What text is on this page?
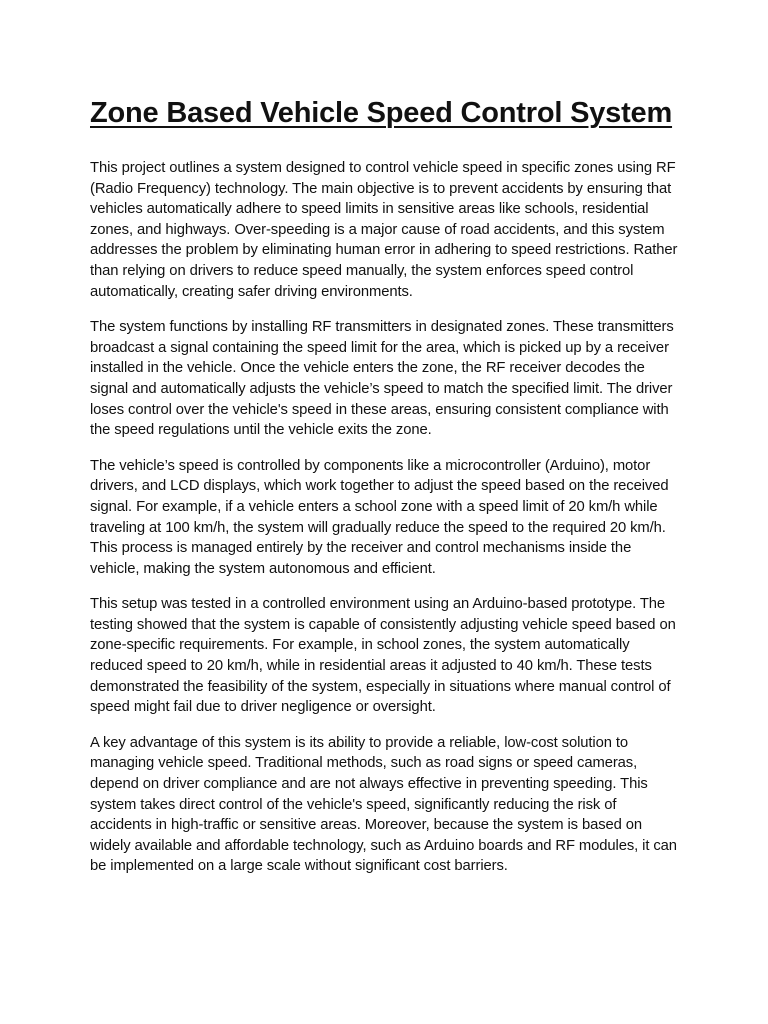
Zone Based Vehicle Speed Control System

This project outlines a system designed to control vehicle speed in specific zones using RF (Radio Frequency) technology. The main objective is to prevent accidents by ensuring that vehicles automatically adhere to speed limits in sensitive areas like schools, residential zones, and highways. Over-speeding is a major cause of road accidents, and this system addresses the problem by eliminating human error in adhering to speed restrictions. Rather than relying on drivers to reduce speed manually, the system enforces speed control automatically, creating safer driving environments.

The system functions by installing RF transmitters in designated zones. These transmitters broadcast a signal containing the speed limit for the area, which is picked up by a receiver installed in the vehicle. Once the vehicle enters the zone, the RF receiver decodes the signal and automatically adjusts the vehicle’s speed to match the specified limit. The driver loses control over the vehicle's speed in these areas, ensuring consistent compliance with the speed regulations until the vehicle exits the zone.

The vehicle’s speed is controlled by components like a microcontroller (Arduino), motor drivers, and LCD displays, which work together to adjust the speed based on the received signal. For example, if a vehicle enters a school zone with a speed limit of 20 km/h while traveling at 100 km/h, the system will gradually reduce the speed to the required 20 km/h. This process is managed entirely by the receiver and control mechanisms inside the vehicle, making the system autonomous and efficient.

This setup was tested in a controlled environment using an Arduino-based prototype. The testing showed that the system is capable of consistently adjusting vehicle speed based on zone-specific requirements. For example, in school zones, the system automatically reduced speed to 20 km/h, while in residential areas it adjusted to 40 km/h. These tests demonstrated the feasibility of the system, especially in situations where manual control of speed might fail due to driver negligence or oversight.

A key advantage of this system is its ability to provide a reliable, low-cost solution to managing vehicle speed. Traditional methods, such as road signs or speed cameras, depend on driver compliance and are not always effective in preventing speeding. This system takes direct control of the vehicle's speed, significantly reducing the risk of accidents in high-traffic or sensitive areas. Moreover, because the system is based on widely available and affordable technology, such as Arduino boards and RF modules, it can be implemented on a large scale without significant cost barriers.
